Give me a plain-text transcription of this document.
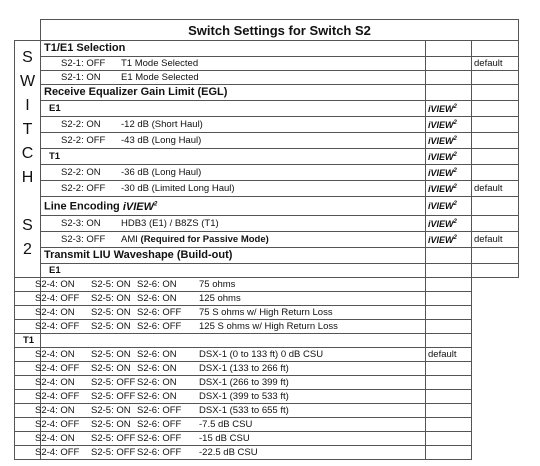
	Switch Settings for Switch S2		
SWITCH S2	T1/E1 Selection		
	S2-1: OFF T1 Mode Selected		default
	S2-1: ON E1 Mode Selected		
	Receive Equalizer Gain Limit (EGL)		
	E1	iVIEW$^2$	
	S2-2: ON -12 dB (Short Haul)	iVIEW$^2$	
	S2-2: OFF -43 dB (Long Haul)	iVIEW$^2$	
	T1	iVIEW$^2$	
	S2-2: ON -36 dB (Long Haul)	iVIEW$^2$	
	S2-2: OFF -30 dB (Limited Long Haul)	iVIEW$^2$	default
	Line Encoding iVIEW$^2$	iVIEW$^2$	
	S2-3: ON HDB3 (E1) / B8ZS (T1)	iVIEW$^2$	
	S2-3: OFF AMI (Required for Passive Mode)	iVIEW$^2$	default
	Transmit LIU Waveshape (Build-out)		
	E1		
S2-4: ON S2-5: ON S2-6: ON 75 ohms			
S2-4: OFF S2-5: ON S2-6: ON 125 ohms			
S2-4: ON S2-5: ON S2-6: OFF 75 S ohms w/ High Return Loss			
S2-4: OFF S2-5: ON S2-6: OFF 125 S ohms w/ High Return Loss			
T1			
S2-4: ON S2-5: ON S2-6: ON DSX-1 (0 to 133 ft) 0 dB CSU		default	
S2-4: OFF S2-5: ON S2-6: ON DSX-1 (133 to 266 ft)			
S2-4: ON S2-5: OFF S2-6: ON DSX-1 (266 to 399 ft)			
S2-4: OFF S2-5: OFF S2-6: ON DSX-1 (399 to 533 ft)			
S2-4: ON S2-5: ON S2-6: OFF DSX-1 (533 to 655 ft)			
S2-4: OFF S2-5: ON S2-6: OFF -7.5 dB CSU			
S2-4: ON S2-5: OFF S2-6: OFF -15 dB CSU			
S2-4: OFF S2-5: OFF S2-6: OFF -22.5 dB CSU			
